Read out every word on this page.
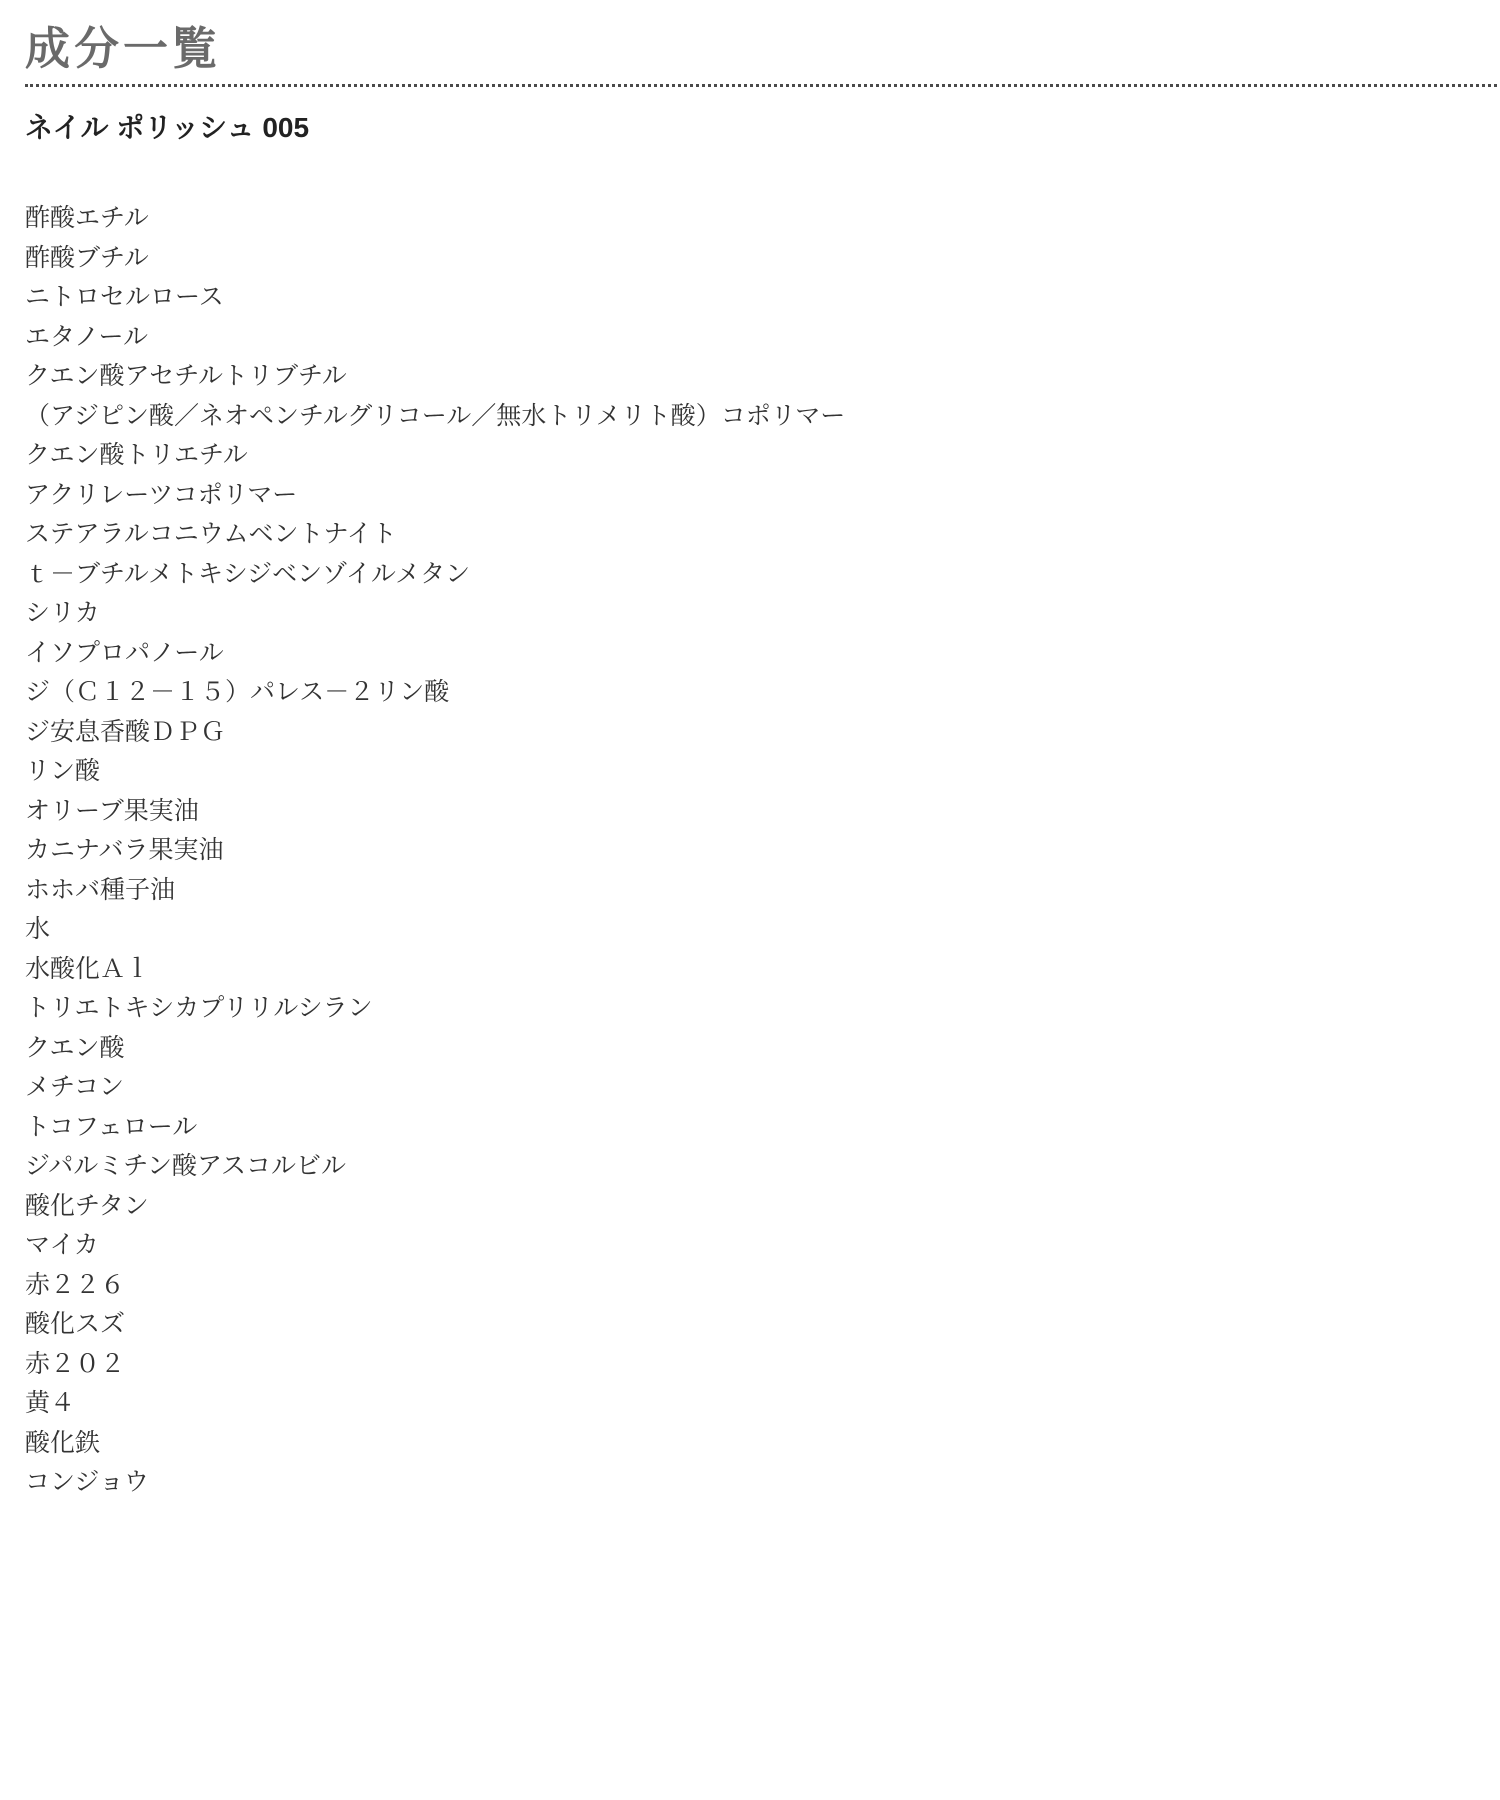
成分一覧
ネイル ポリッシュ 005
酢酸エチル
酢酸ブチル
ニトロセルロース
エタノール
クエン酸アセチルトリブチル
（アジピン酸／ネオペンチルグリコール／無水トリメリト酸）コポリマー
クエン酸トリエチル
アクリレーツコポリマー
ステアラルコニウムベントナイト
ｔ－ブチルメトキシジベンゾイルメタン
シリカ
イソプロパノール
ジ（Ｃ１２－１５）パレス－２リン酸
ジ安息香酸ＤＰＧ
リン酸
オリーブ果実油
カニナバラ果実油
ホホバ種子油
水
水酸化Ａｌ
トリエトキシカプリリルシラン
クエン酸
メチコン
トコフェロール
ジパルミチン酸アスコルビル
酸化チタン
マイカ
赤２２６
酸化スズ
赤２０２
黄４
酸化鉄
コンジョウ
